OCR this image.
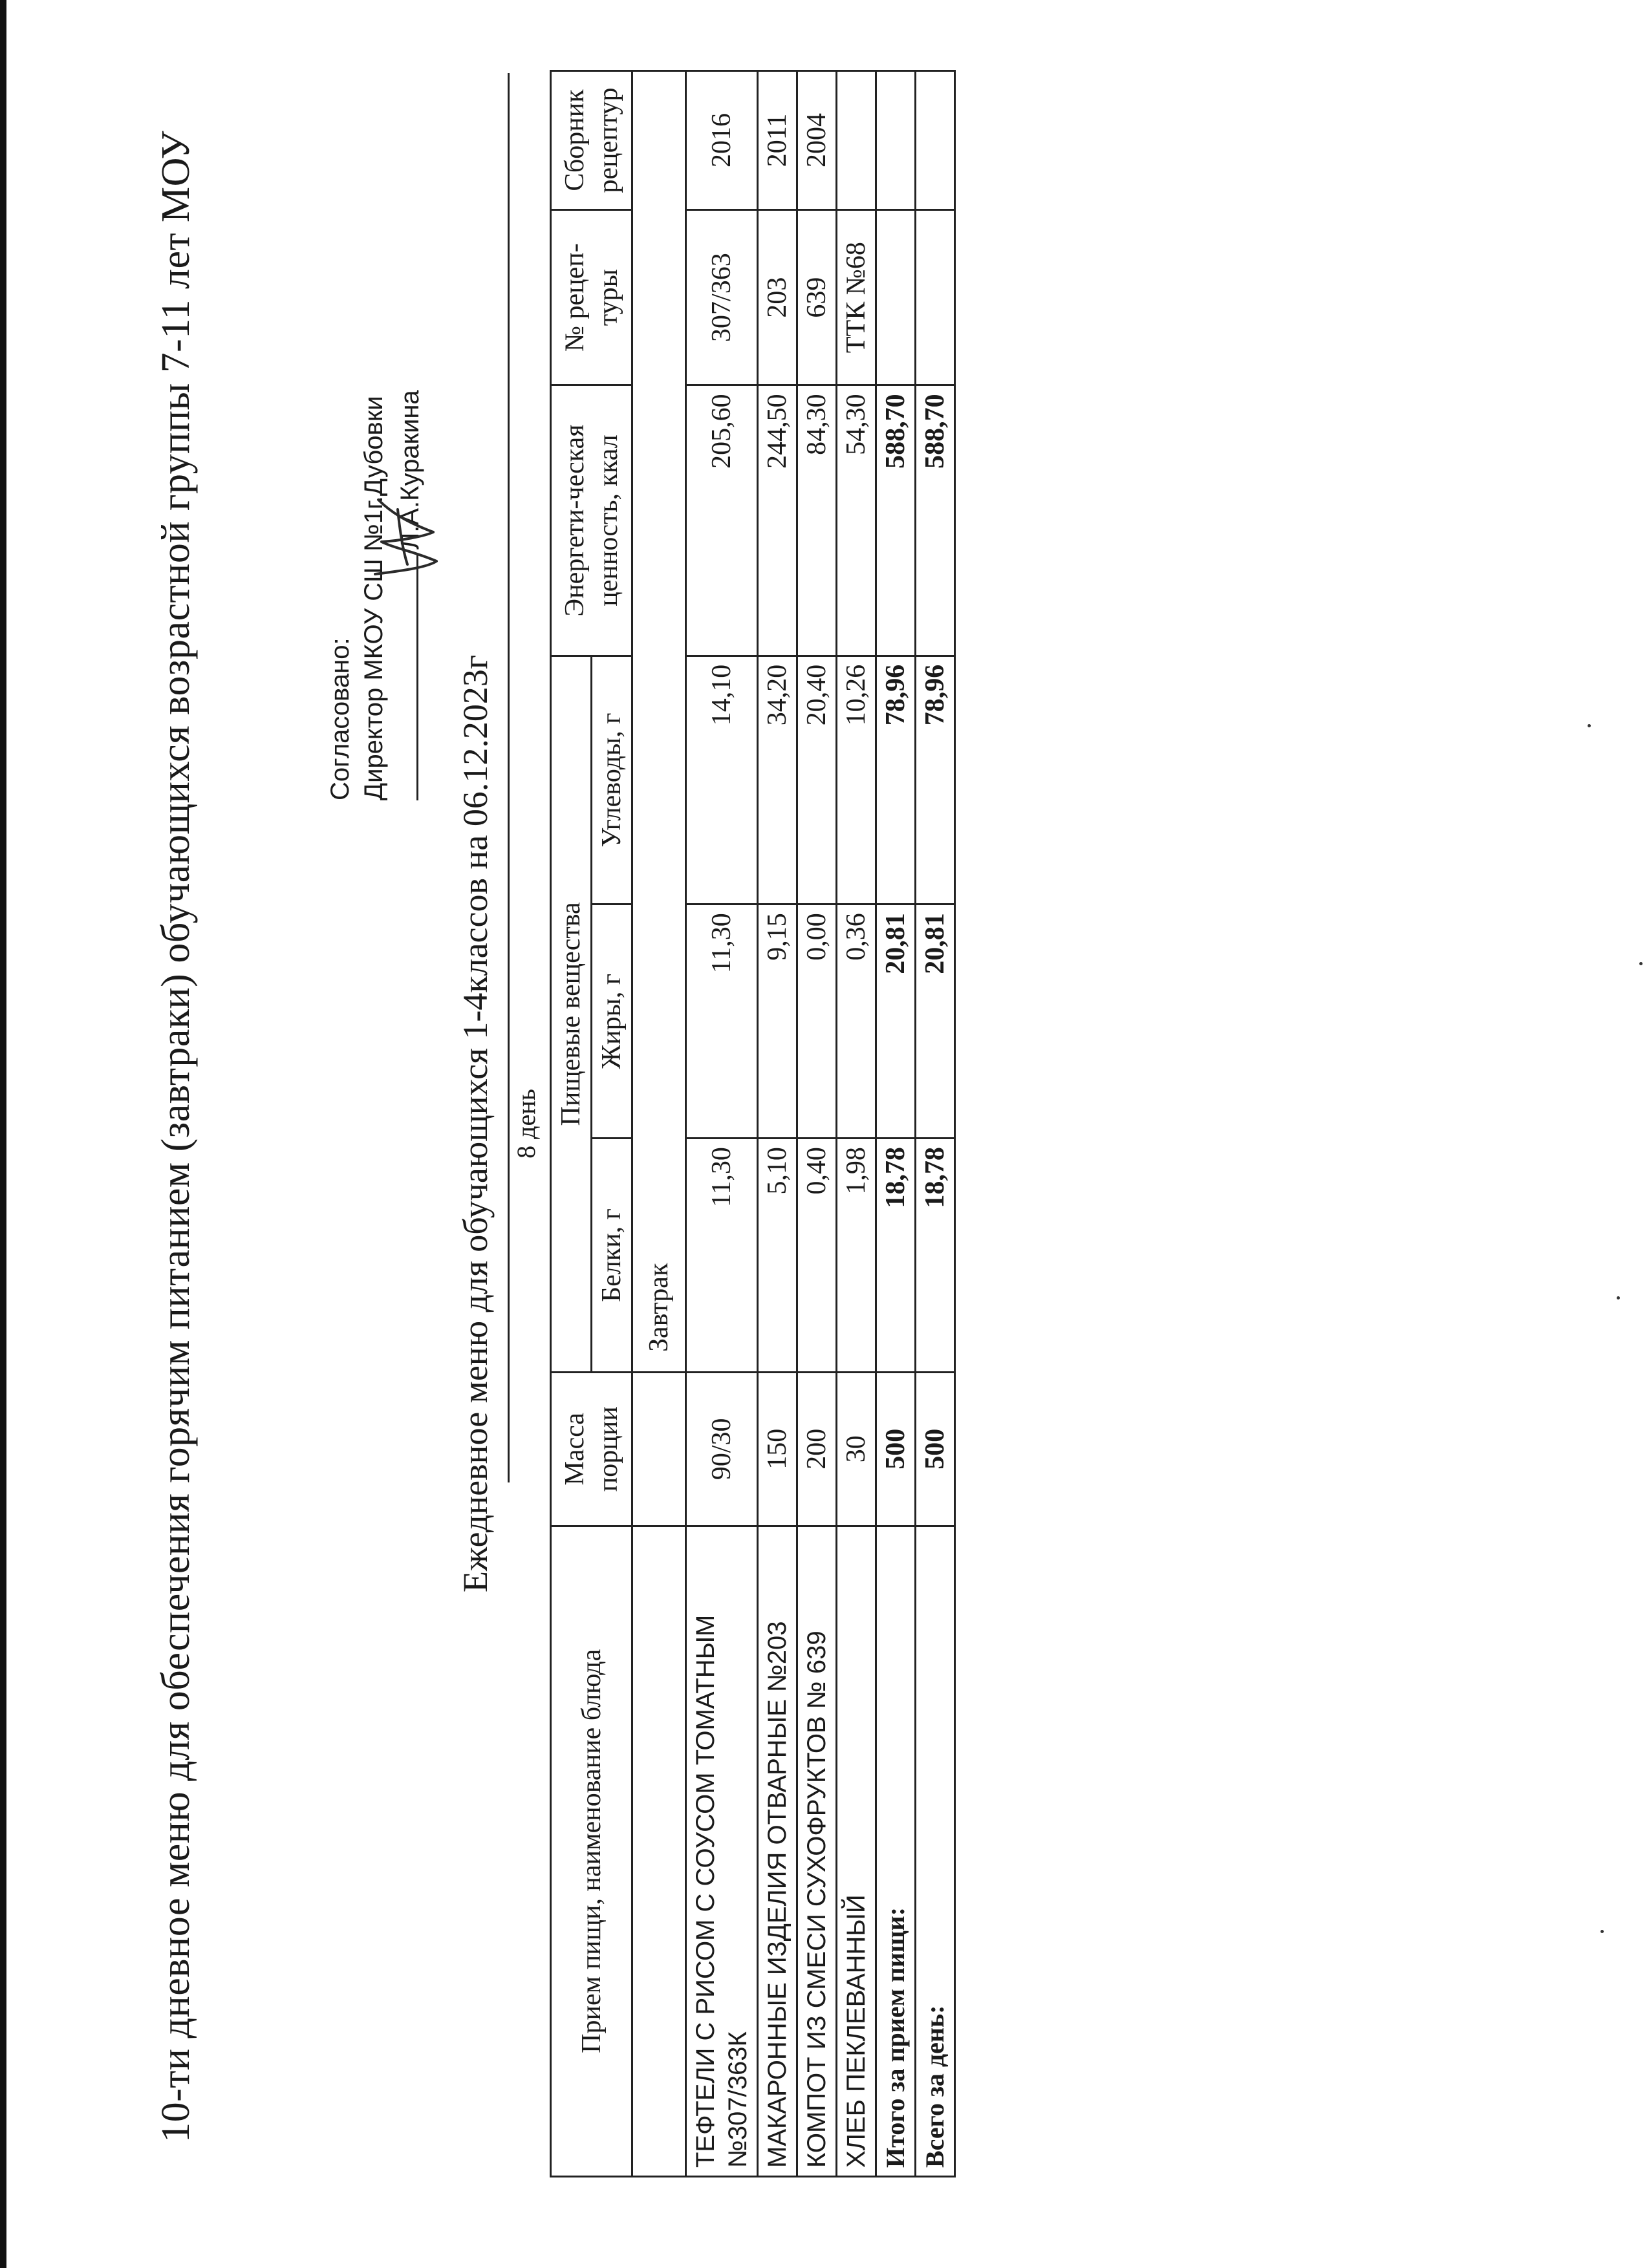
10-ти дневное меню для обеспечения горячим питанием (завтраки) обучающихся возрастной группы 7-11 лет МОУ	Согласовано: Директор МКОУ СШ №1г.Дубовки Л.А.Куракина
Ежедневное меню для обучающихся 1-4классов на 06.12.2023г 8 день
Прием пищи, наименование блюда	Масса порции	Пищевые вещества			Энергети-ческая ценность, ккал	№ рецеп-туры	Сборник рецептур
		Белки, г	Жиры, г	Углеводы, г			
		Завтрак					
ТЕФТЕЛИ С РИСОМ С СОУСОМ ТОМАТНЫМ №307/363К	90/30	11,30	11,30	14,10	205,60	307/363	2016
МАКАРОННЫЕ ИЗДЕЛИЯ ОТВАРНЫЕ №203	150	5,10	9,15	34,20	244,50	203	2011
КОМПОТ ИЗ СМЕСИ СУХОФРУКТОВ № 639	200	0,40	0,00	20,40	84,30	639	2004
ХЛЕБ ПЕКЛЕВАННЫЙ	30	1,98	0,36	10,26	54,30	ТТК №68	
Итого за прием пищи:	500	18,78	20,81	78,96	588,70		
Всего за день:	500	18,78	20,81	78,96	588,70		
